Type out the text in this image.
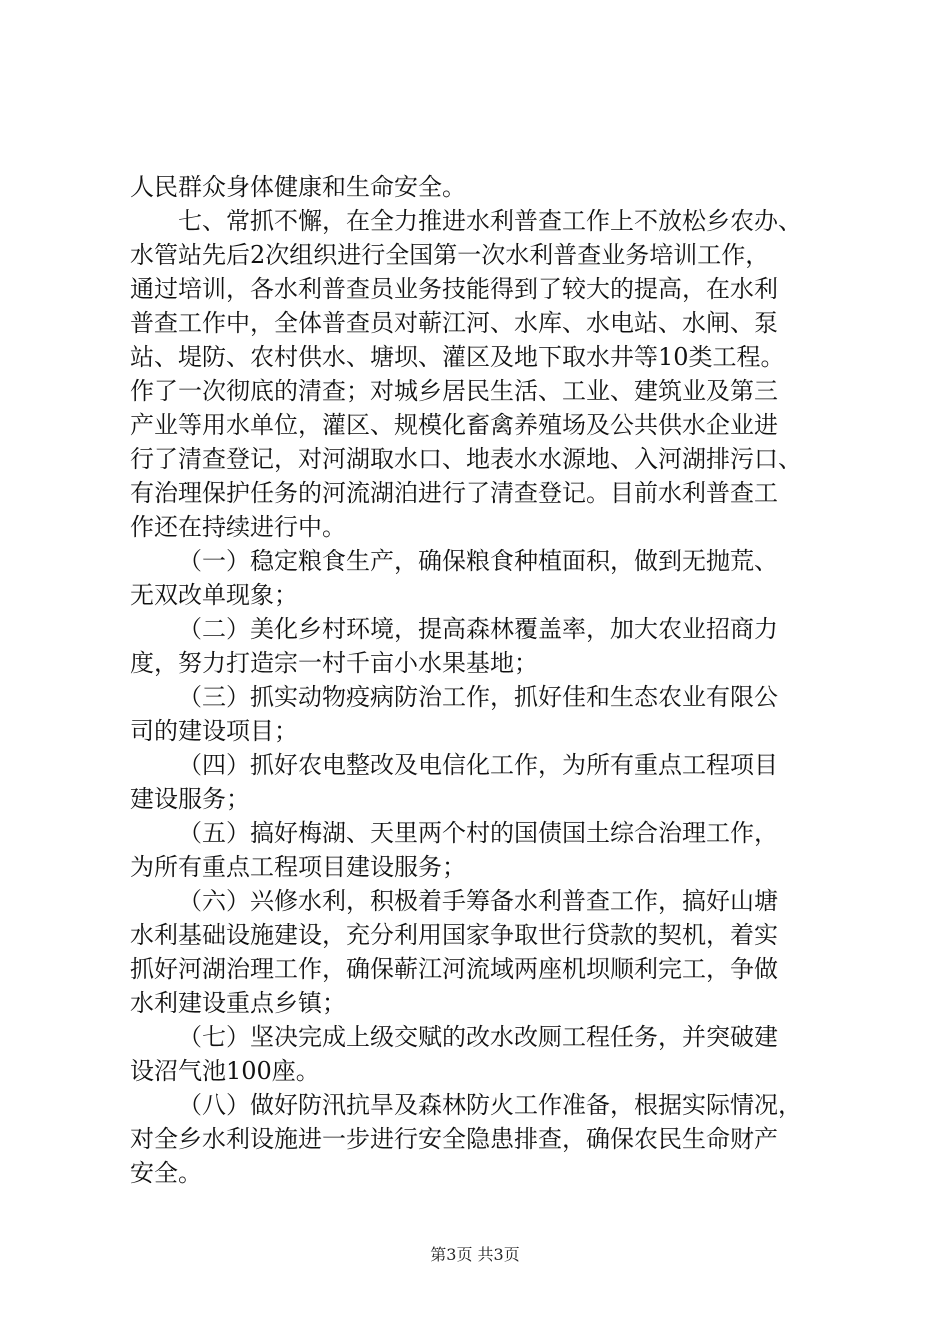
人民群众身体健康和生命安全。
七、常抓不懈，在全力推进水利普查工作上不放松乡农办、
水管站先后2次组织进行全国第一次水利普查业务培训工作，
通过培训，各水利普查员业务技能得到了较大的提高，在水利
普查工作中，全体普查员对蕲江河、水库、水电站、水闸、泵
站、堤防、农村供水、塘坝、灌区及地下取水井等10类工程。
作了一次彻底的清查；对城乡居民生活、工业、建筑业及第三
产业等用水单位，灌区、规模化畜禽养殖场及公共供水企业进
行了清查登记，对河湖取水口、地表水水源地、入河湖排污口、
有治理保护任务的河流湖泊进行了清查登记。目前水利普查工
作还在持续进行中。
（一）稳定粮食生产，确保粮食种植面积，做到无抛荒、
无双改单现象；
（二）美化乡村环境，提高森林覆盖率，加大农业招商力
度，努力打造宗一村千亩小水果基地；
（三）抓实动物疫病防治工作，抓好佳和生态农业有限公
司的建设项目；
（四）抓好农电整改及电信化工作，为所有重点工程项目
建设服务；
（五）搞好梅湖、天里两个村的国债国土综合治理工作，
为所有重点工程项目建设服务；
（六）兴修水利，积极着手筹备水利普查工作，搞好山塘
水利基础设施建设，充分利用国家争取世行贷款的契机，着实
抓好河湖治理工作，确保蕲江河流域两座机坝顺利完工，争做
水利建设重点乡镇；
（七）坚决完成上级交赋的改水改厕工程任务，并突破建
设沼气池100座。
（八）做好防汛抗旱及森林防火工作准备，根据实际情况，
对全乡水利设施进一步进行安全隐患排查，确保农民生命财产
安全。
第3页 共3页
